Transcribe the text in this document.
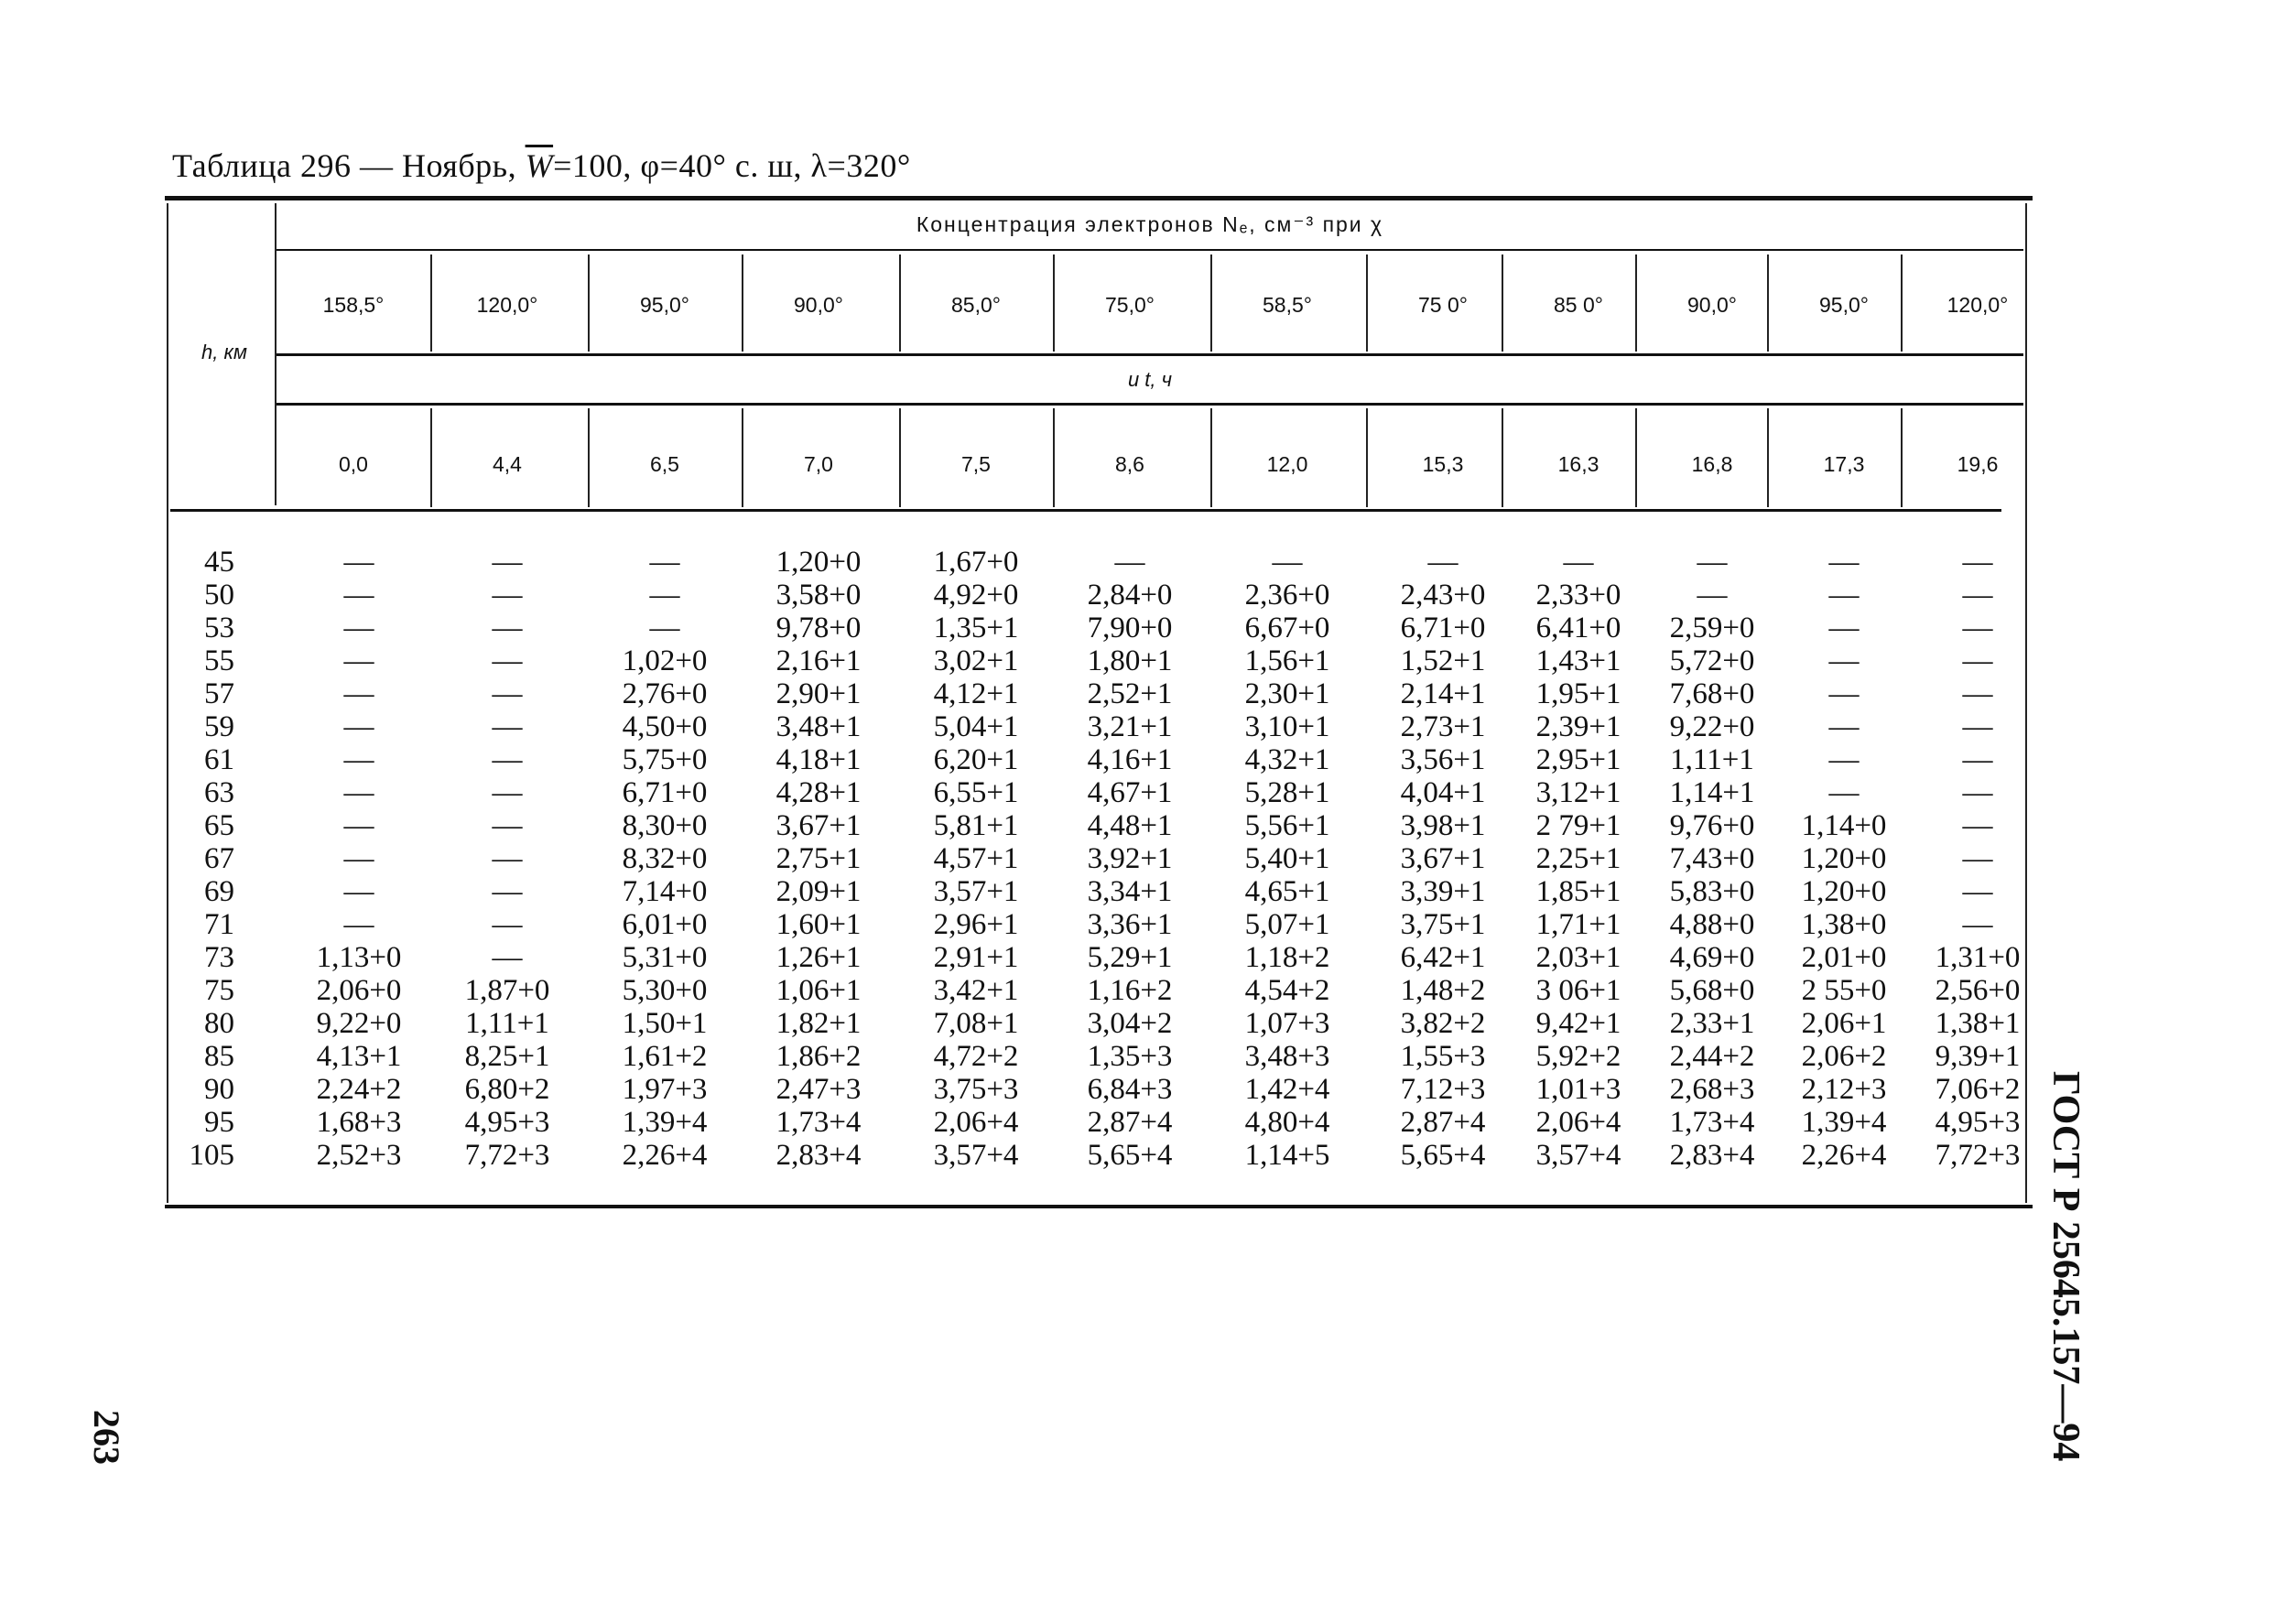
Таблица 296 — Ноябрь, $\overline{W}=100$, φ=40° с. ш, λ=320°
h, км
Концентрация электронов Nₑ, см⁻³ при χ
и t, ч
158,5°	120,0°	95,0°	90,0°	85,0°	75,0°	58,5°	75 0°	85 0°	90,0°	95,0°	120,0°
0,0	4,4	6,5	7,0	7,5	8,6	12,0	15,3	16,3	16,8	17,3	19,6
45	—	—	—	1,20+0	1,67+0	—	—	—	—	—	—	—
50	—	—	—	3,58+0	4,92+0	2,84+0	2,36+0	2,43+0	2,33+0	—	—	—
53	—	—	—	9,78+0	1,35+1	7,90+0	6,67+0	6,71+0	6,41+0	2,59+0	—	—
55	—	—	1,02+0	2,16+1	3,02+1	1,80+1	1,56+1	1,52+1	1,43+1	5,72+0	—	—
57	—	—	2,76+0	2,90+1	4,12+1	2,52+1	2,30+1	2,14+1	1,95+1	7,68+0	—	—
59	—	—	4,50+0	3,48+1	5,04+1	3,21+1	3,10+1	2,73+1	2,39+1	9,22+0	—	—
61	—	—	5,75+0	4,18+1	6,20+1	4,16+1	4,32+1	3,56+1	2,95+1	1,11+1	—	—
63	—	—	6,71+0	4,28+1	6,55+1	4,67+1	5,28+1	4,04+1	3,12+1	1,14+1	—	—
65	—	—	8,30+0	3,67+1	5,81+1	4,48+1	5,56+1	3,98+1	2 79+1	9,76+0	1,14+0	—
67	—	—	8,32+0	2,75+1	4,57+1	3,92+1	5,40+1	3,67+1	2,25+1	7,43+0	1,20+0	—
69	—	—	7,14+0	2,09+1	3,57+1	3,34+1	4,65+1	3,39+1	1,85+1	5,83+0	1,20+0	—
71	—	—	6,01+0	1,60+1	2,96+1	3,36+1	5,07+1	3,75+1	1,71+1	4,88+0	1,38+0	—
73	1,13+0	—	5,31+0	1,26+1	2,91+1	5,29+1	1,18+2	6,42+1	2,03+1	4,69+0	2,01+0	1,31+0
75	2,06+0	1,87+0	5,30+0	1,06+1	3,42+1	1,16+2	4,54+2	1,48+2	3 06+1	5,68+0	2 55+0	2,56+0
80	9,22+0	1,11+1	1,50+1	1,82+1	7,08+1	3,04+2	1,07+3	3,82+2	9,42+1	2,33+1	2,06+1	1,38+1
85	4,13+1	8,25+1	1,61+2	1,86+2	4,72+2	1,35+3	3,48+3	1,55+3	5,92+2	2,44+2	2,06+2	9,39+1
90	2,24+2	6,80+2	1,97+3	2,47+3	3,75+3	6,84+3	1,42+4	7,12+3	1,01+3	2,68+3	2,12+3	7,06+2
95	1,68+3	4,95+3	1,39+4	1,73+4	2,06+4	2,87+4	4,80+4	2,87+4	2,06+4	1,73+4	1,39+4	4,95+3
105	2,52+3	7,72+3	2,26+4	2,83+4	3,57+4	5,65+4	1,14+5	5,65+4	3,57+4	2,83+4	2,26+4	7,72+3 ГОСТ Р 25645.157—94
263
